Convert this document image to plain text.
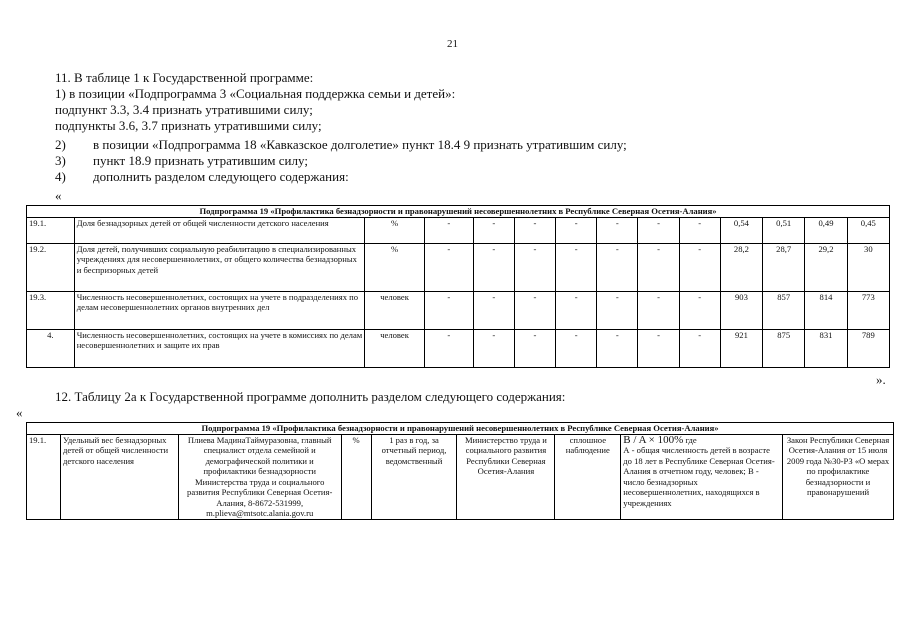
21
11. В таблице 1 к Государственной программе:
1) в позиции «Подпрограмма 3 «Социальная поддержка семьи и детей»:
подпункт 3.3, 3.4 признать утратившими силу;
подпункты 3.6, 3.7 признать утратившими силу;
2) в позиции «Подпрограмма 18 «Кавказское долголетие» пункт 18.4 9 признать утратившим силу;
3) пункт 18.9 признать утратившим силу;
4) дополнить разделом следующего содержания:
«
Подпрограмма 19 «Профилактика безнадзорности и правонарушений несовершеннолетних в Республике Северная Осетия-Алания»													
19.1.	Доля безнадзорных детей от общей численности детского населения	%	-	-	-	-	-	-	-	0,54	0,51	0,49	0,45
19.2.	Доля детей, получивших социальную реабилитацию в специализированных учреждениях для несовершеннолетних, от общего количества безнадзорных и беспризорных детей	%	-	-	-	-	-	-	-	28,2	28,7	29,2	30
19.3.	Численность несовершеннолетних, состоящих на учете в подразделениях по делам несовершеннолетних органов внутренних дел	человек	-	-	-	-	-	-	-	903	857	814	773
4.	Численность несовершеннолетних, состоящих на учете в комиссиях по делам несовершеннолетних и защите их прав	человек	-	-	-	-	-	-	-	921	875	831	789
».
12. Таблицу 2а к Государственной программе дополнить разделом следующего содержания:
«
Подпрограмма 19 «Профилактика безнадзорности и правонарушений несовершеннолетних в Республике Северная Осетия-Алания»
19.1.	Удельный вес безнадзорных детей от общей численности детского населения	Плиева МадинаТаймуразовна, главный специалист отдела семейной и демографической политики и профилактики безнадзорности Министерства труда и социального развития Республики Северная Осетия-Алания, 8-8672-531999, m.plieva@mtsotc.alania.gov.ru	%	1 раз в год, за отчетный период, ведомственный	Министерство труда и социального развития Республики Северная Осетия-Алания	сплошное наблюдение	B / A × 100% где
А - общая численность детей в возрасте до 18 лет в Республике Северная Осетия-Алания в отчетном году, человек; В - число безнадзорных несовершеннолетних, находящихся в учреждениях
	Закон Республики Северная Осетия-Алания от 15 июля 2009 года №30-РЗ «О мерах по профилактике безнадзорности и правонарушений
